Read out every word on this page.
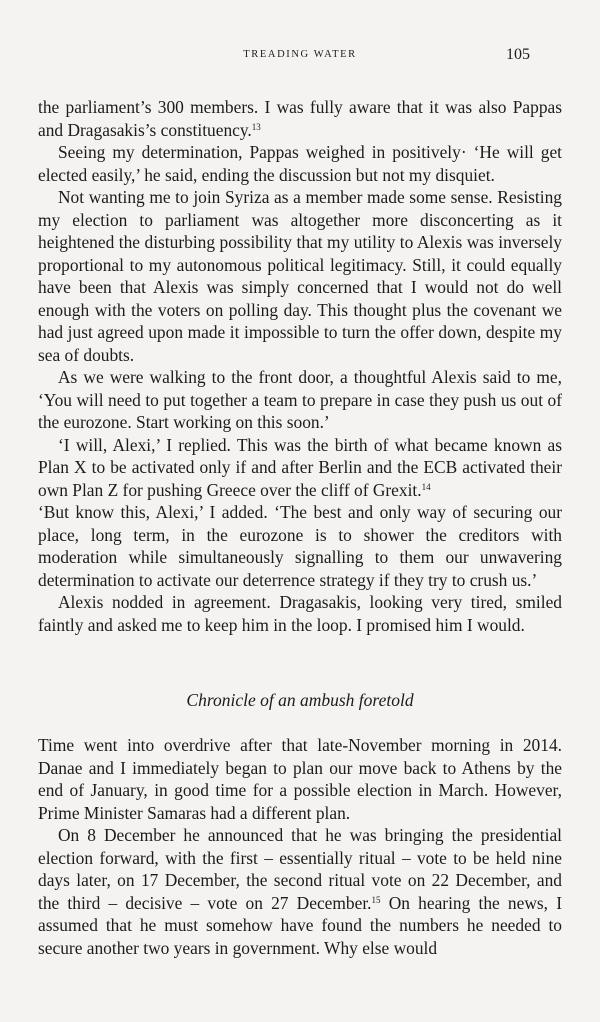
TREADING WATER	105

the parliament’s 300 members. I was fully aware that it was also Pappas and Dragasakis’s constituency.$^{13}$

Seeing my determination, Pappas weighed in positively· ‘He will get elected easily,’ he said, ending the discussion but not my disquiet.

Not wanting me to join Syriza as a member made some sense. Resisting my election to parliament was altogether more disconcerting as it heightened the disturbing possibility that my utility to Alexis was inversely proportional to my autonomous political legitimacy. Still, it could equally have been that Alexis was simply concerned that I would not do well enough with the voters on polling day. This thought plus the covenant we had just agreed upon made it impossible to turn the offer down, despite my sea of doubts.

As we were walking to the front door, a thoughtful Alexis said to me, ‘You will need to put together a team to prepare in case they push us out of the eurozone. Start working on this soon.’

‘I will, Alexi,’ I replied. This was the birth of what became known as Plan X to be activated only if and after Berlin and the ECB activated their own Plan Z for pushing Greece over the cliff of Grexit.$^{14}$

‘But know this, Alexi,’ I added. ‘The best and only way of securing our place, long term, in the eurozone is to shower the creditors with moderation while simultaneously signalling to them our unwavering determination to activate our deterrence strategy if they try to crush us.’

Alexis nodded in agreement. Dragasakis, looking very tired, smiled faintly and asked me to keep him in the loop. I promised him I would.

Chronicle of an ambush foretold

Time went into overdrive after that late-November morning in 2014. Danae and I immediately began to plan our move back to Athens by the end of January, in good time for a possible election in March. However, Prime Minister Samaras had a different plan.

On 8 December he announced that he was bringing the presidential election forward, with the first – essentially ritual – vote to be held nine days later, on 17 December, the second ritual vote on 22 December, and the third – decisive – vote on 27 December.$^{15}$ On hearing the news, I assumed that he must somehow have found the numbers he needed to secure another two years in government. Why else would
